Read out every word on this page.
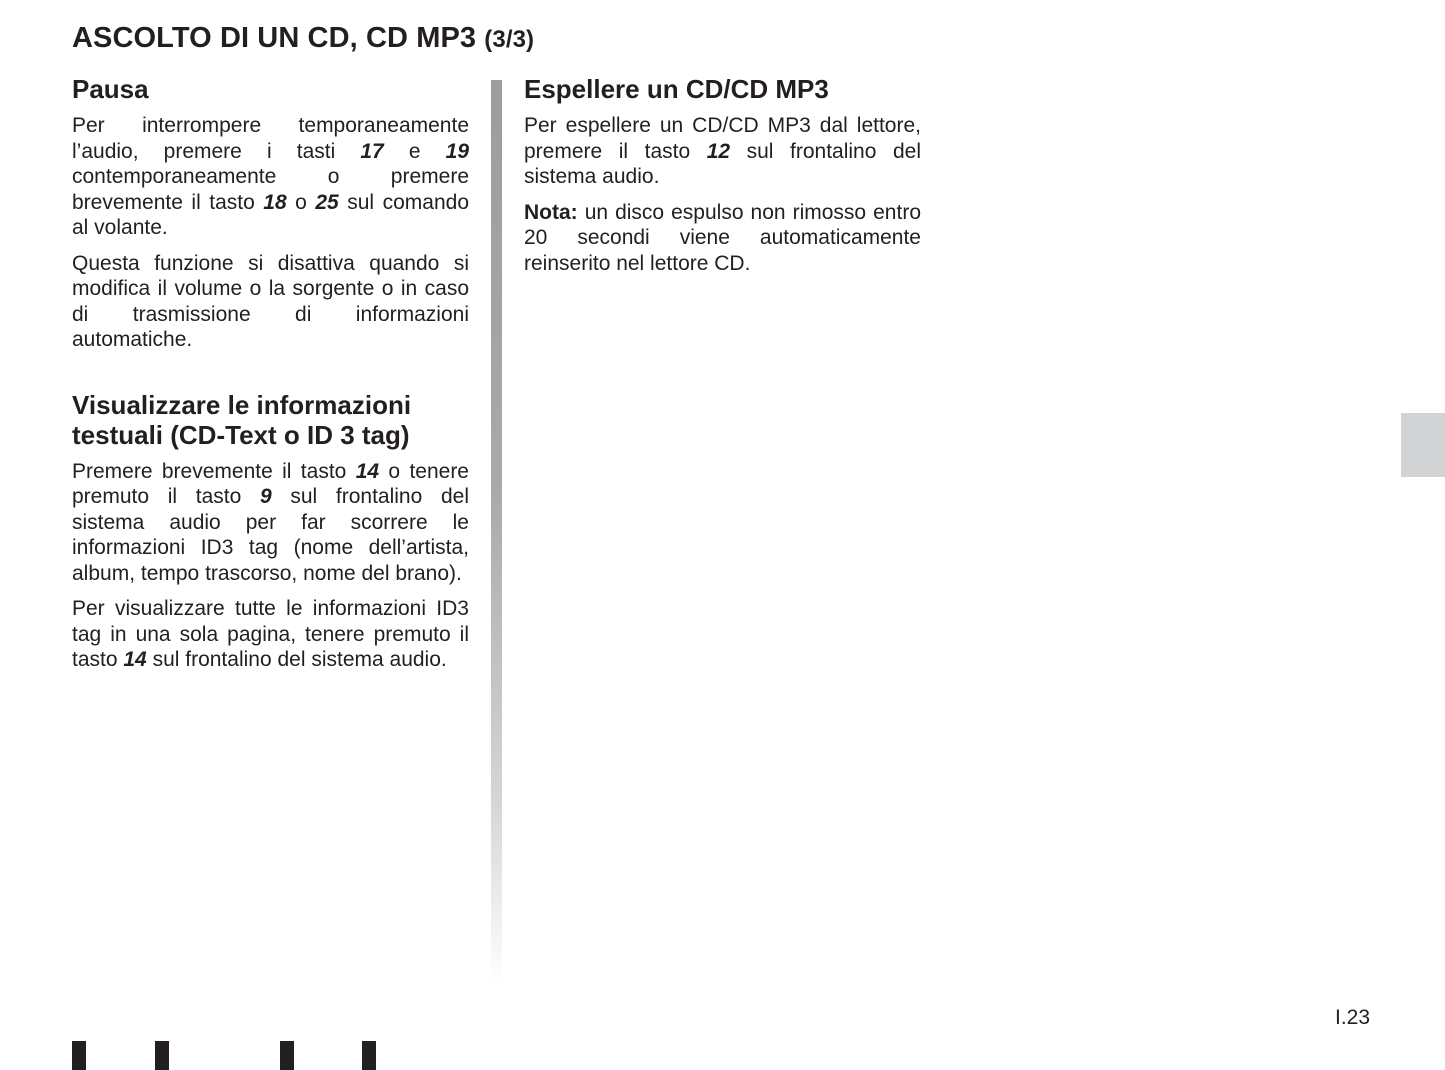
ASCOLTO DI UN CD, CD MP3 (3/3)
Pausa

Per interrompere temporaneamente l’audio, premere i tasti 17 e 19 contemporaneamente o premere brevemente il tasto 18 o 25 sul comando al volante.

Questa funzione si disattiva quando si modifica il volume o la sorgente o in caso di trasmissione di informazioni automatiche.

Visualizzare le informazioni
testuali (CD-Text o ID 3 tag)

Premere brevemente il tasto 14 o tenere premuto il tasto 9 sul frontalino del sistema audio per far scorrere le informazioni ID3 tag (nome dell’artista, album, tempo trascorso, nome del brano).

Per visualizzare tutte le informazioni ID3 tag in una sola pagina, tenere premuto il tasto 14 sul frontalino del sistema audio.

Espellere un CD/CD MP3

Per espellere un CD/CD MP3 dal lettore, premere il tasto 12 sul frontalino del sistema audio.

Nota: un disco espulso non rimosso entro 20 secondi viene automaticamente reinserito nel lettore CD.

I.23
